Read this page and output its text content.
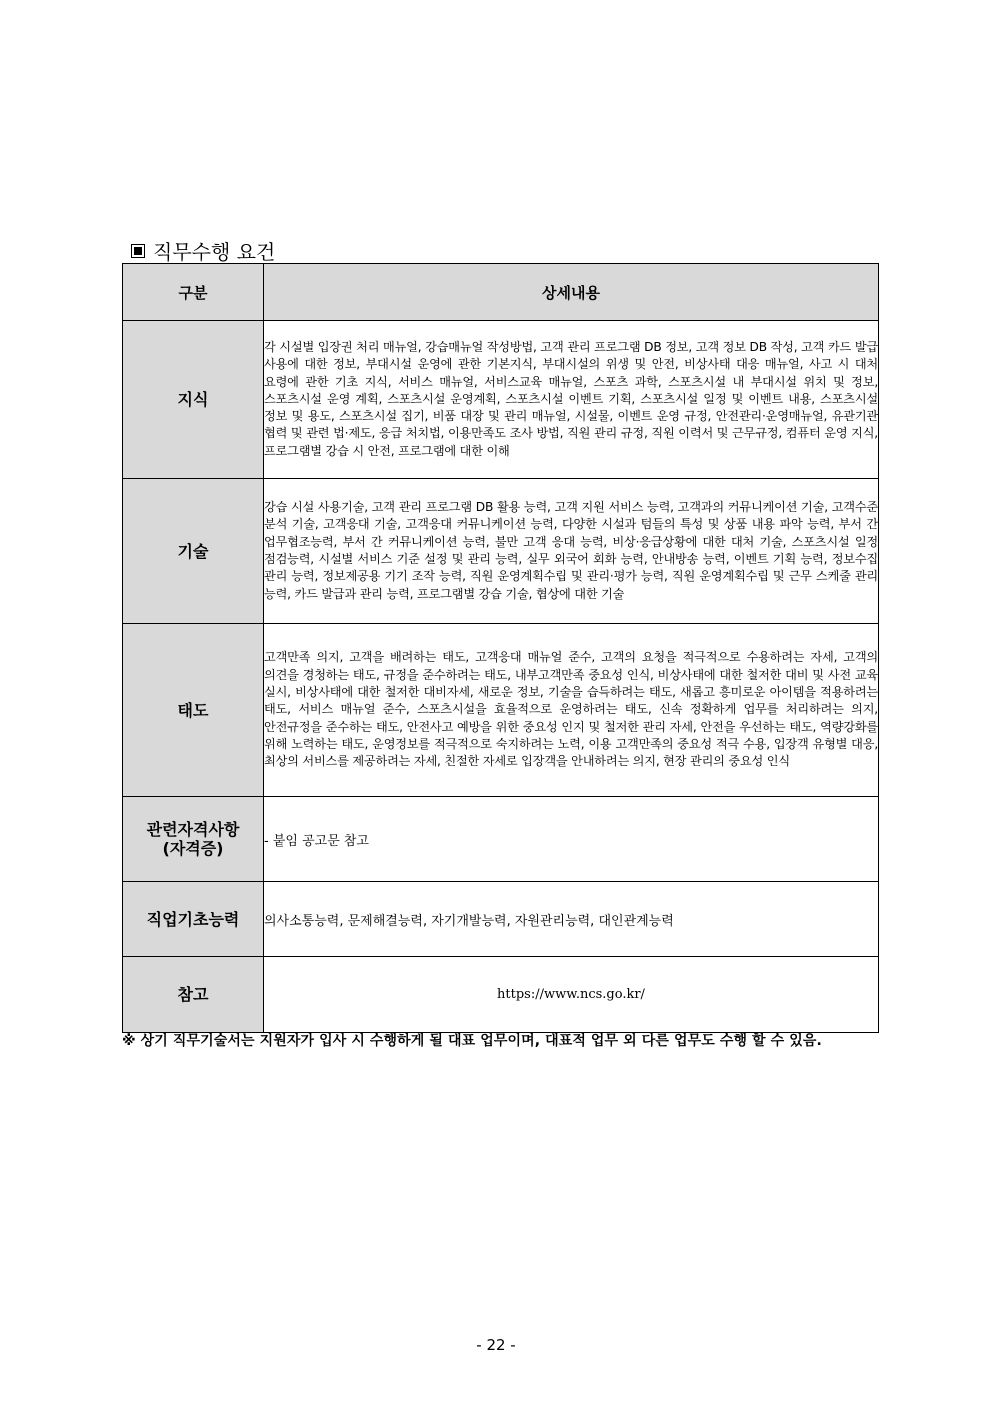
직무수행 요건
구분	상세내용
지식	각 시설별 입장권 처리 매뉴얼, 강습매뉴얼 작성방법, 고객 관리 프로그램 DB 정보, 고객 정보 DB 작성, 고객 카드 발급 사용에 대한 정보, 부대시설 운영에 관한 기본지식, 부대시설의 위생 및 안전, 비상사태 대응 매뉴얼, 사고 시 대처 요령에 관한 기초 지식, 서비스 매뉴얼, 서비스교육 매뉴얼, 스포츠 과학, 스포츠시설 내 부대시설 위치 및 정보, 스포츠시설 운영 계획, 스포츠시설 운영계획, 스포츠시설 이벤트 기획, 스포츠시설 일정 및 이벤트 내용, 스포츠시설 정보 및 용도, 스포츠시설 집기, 비품 대장 및 관리 매뉴얼, 시설물, 이벤트 운영 규정, 안전관리·운영매뉴얼, 유관기관 협력 및 관련 법·제도, 응급 처치법, 이용만족도 조사 방법, 직원 관리 규정, 직원 이력서 및 근무규정, 컴퓨터 운영 지식, 프로그램별 강습 시 안전, 프로그램에 대한 이해
기술	강습 시설 사용기술, 고객 관리 프로그램 DB 활용 능력, 고객 지원 서비스 능력, 고객과의 커뮤니케이션 기술, 고객수준 분석 기술, 고객응대 기술, 고객응대 커뮤니케이션 능력, 다양한 시설과 텀들의 특성 및 상품 내용 파악 능력, 부서 간 업무협조능력, 부서 간 커뮤니케이션 능력, 불만 고객 응대 능력, 비상·응급상황에 대한 대처 기술, 스포츠시설 일정 점검능력, 시설별 서비스 기준 설정 및 관리 능력, 실무 외국어 회화 능력, 안내방송 능력, 이벤트 기획 능력, 정보수집 관리 능력, 정보제공용 기기 조작 능력, 직원 운영계획수립 및 관리·평가 능력, 직원 운영계획수립 및 근무 스케줄 관리 능력, 카드 발급과 관리 능력, 프로그램별 강습 기술, 협상에 대한 기술
태도	고객만족 의지, 고객을 배려하는 태도, 고객응대 매뉴얼 준수, 고객의 요청을 적극적으로 수용하려는 자세, 고객의 의견을 경청하는 태도, 규정을 준수하려는 태도, 내부고객만족 중요성 인식, 비상사태에 대한 철저한 대비 및 사전 교육 실시, 비상사태에 대한 철저한 대비자세, 새로운 정보, 기술을 습득하려는 태도, 새롭고 흥미로운 아이템을 적용하려는 태도, 서비스 매뉴얼 준수, 스포츠시설을 효율적으로 운영하려는 태도, 신속 정확하게 업무를 처리하려는 의지, 안전규정을 준수하는 태도, 안전사고 예방을 위한 중요성 인지 및 철저한 관리 자세, 안전을 우선하는 태도, 역량강화를 위해 노력하는 태도, 운영정보를 적극적으로 숙지하려는 노력, 이용 고객만족의 중요성 적극 수용, 입장객 유형별 대응, 최상의 서비스를 제공하려는 자세, 친절한 자세로 입장객을 안내하려는 의지, 현장 관리의 중요성 인식

관련자격사항
(자격증)	- 붙임 공고문 참고
직업기초능력	의사소통능력, 문제해결능력, 자기개발능력, 자원관리능력, 대인관계능력
참고	https://www.ncs.go.kr/
※ 상기 직무기술서는 지원자가 입사 시 수행하게 될 대표 업무이며, 대표적 업무 외 다른 업무도 수행 할 수 있음.
- 22 -
